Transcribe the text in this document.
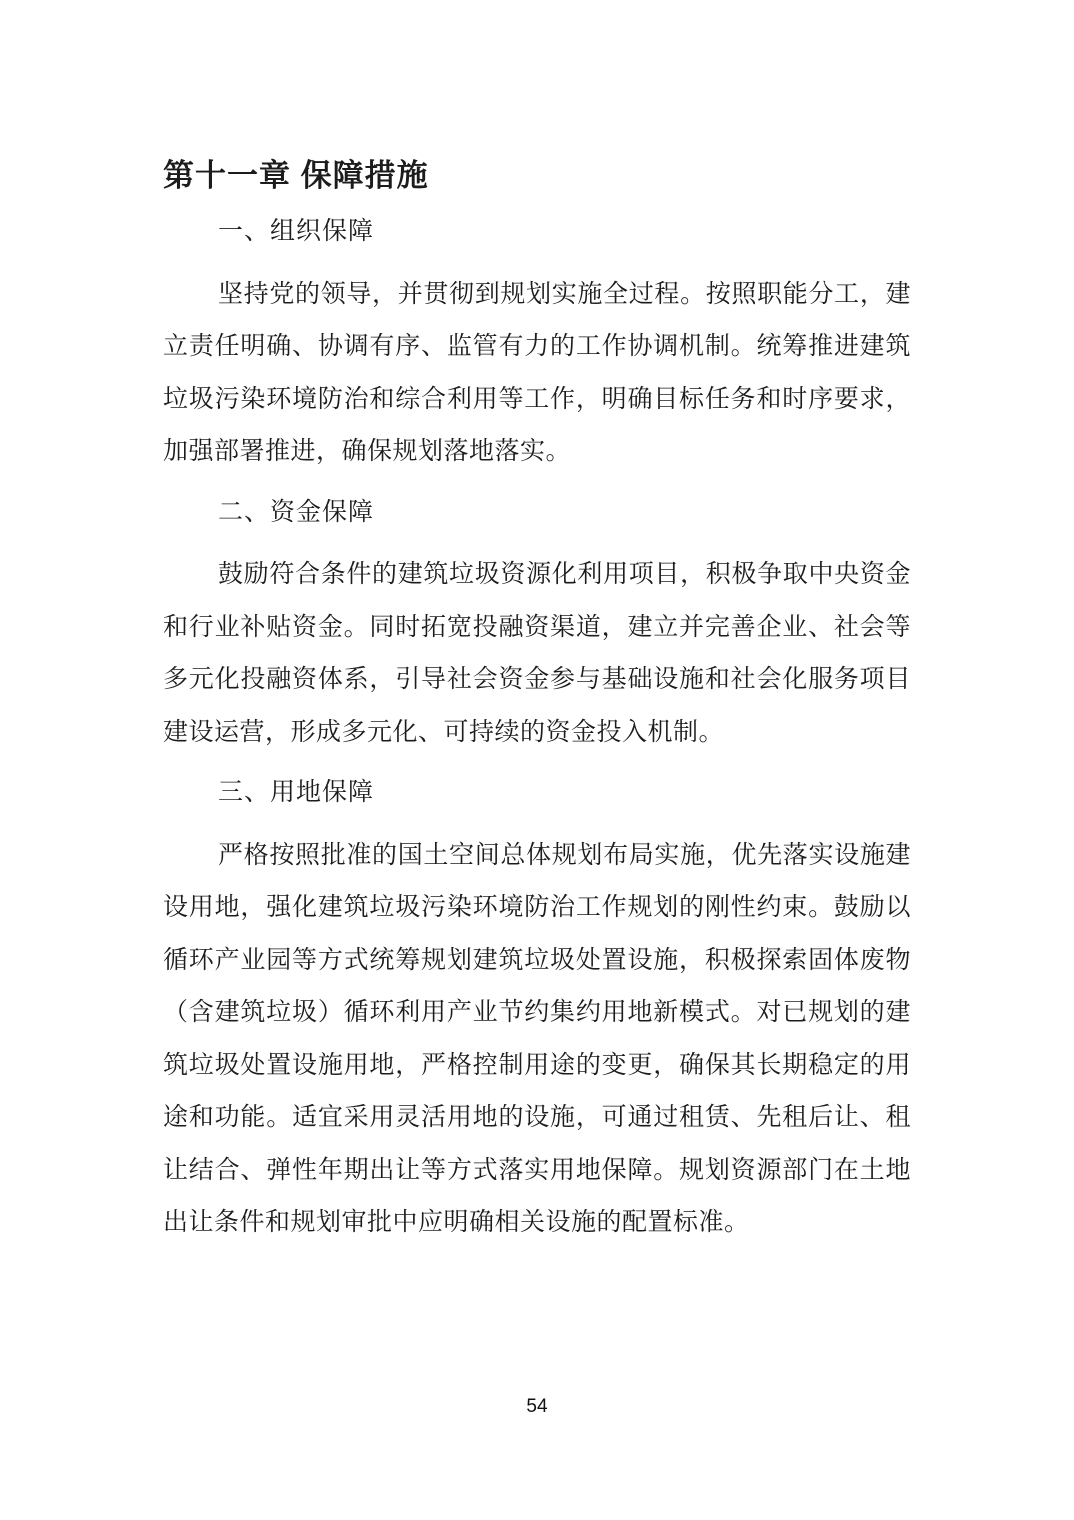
第十一章 保障措施
一、组织保障

坚持党的领导，并贯彻到规划实施全过程。按照职能分工，建立责任明确、协调有序、监管有力的工作协调机制。统筹推进建筑垃圾污染环境防治和综合利用等工作，明确目标任务和时序要求，加强部署推进，确保规划落地落实。

二、资金保障

鼓励符合条件的建筑垃圾资源化利用项目，积极争取中央资金和行业补贴资金。同时拓宽投融资渠道，建立并完善企业、社会等多元化投融资体系，引导社会资金参与基础设施和社会化服务项目建设运营，形成多元化、可持续的资金投入机制。

三、用地保障

严格按照批准的国土空间总体规划布局实施，优先落实设施建设用地，强化建筑垃圾污染环境防治工作规划的刚性约束。鼓励以循环产业园等方式统筹规划建筑垃圾处置设施，积极探索固体废物（含建筑垃圾）循环利用产业节约集约用地新模式。对已规划的建筑垃圾处置设施用地，严格控制用途的变更，确保其长期稳定的用途和功能。适宜采用灵活用地的设施，可通过租赁、先租后让、租让结合、弹性年期出让等方式落实用地保障。规划资源部门在土地出让条件和规划审批中应明确相关设施的配置标准。

54
